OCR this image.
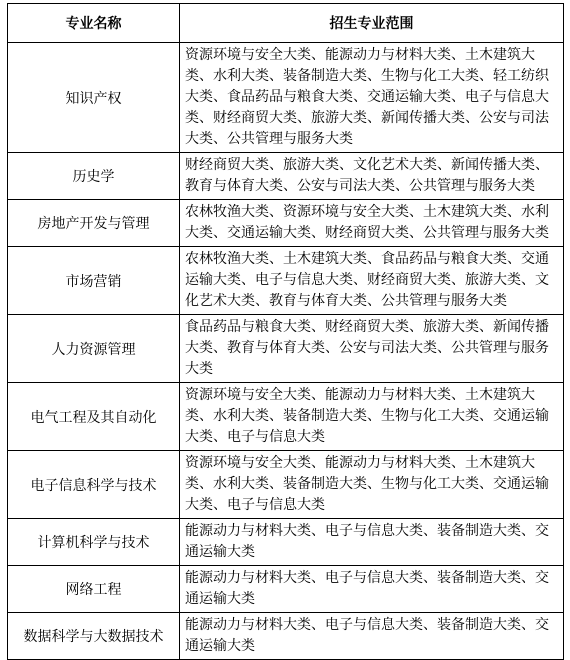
专业名称	招生专业范围
知识产权	资源环境与安全大类、能源动力与材料大类、土木建筑大类、水利大类、装备制造大类、生物与化工大类、轻工纺织大类、食品药品与粮食大类、交通运输大类、电子与信息大类、财经商贸大类、旅游大类、新闻传播大类、公安与司法大类、公共管理与服务大类
历史学	财经商贸大类、旅游大类、文化艺术大类、新闻传播大类、教育与体育大类、公安与司法大类、公共管理与服务大类
房地产开发与管理	农林牧渔大类、资源环境与安全大类、土木建筑大类、水利大类、交通运输大类、财经商贸大类、公共管理与服务大类
市场营销	农林牧渔大类、土木建筑大类、食品药品与粮食大类、交通运输大类、电子与信息大类、财经商贸大类、旅游大类、文化艺术大类、教育与体育大类、公共管理与服务大类
人力资源管理	食品药品与粮食大类、财经商贸大类、旅游大类、新闻传播大类、教育与体育大类、公安与司法大类、公共管理与服务大类
电气工程及其自动化	资源环境与安全大类、能源动力与材料大类、土木建筑大类、水利大类、装备制造大类、生物与化工大类、交通运输大类、电子与信息大类
电子信息科学与技术	资源环境与安全大类、能源动力与材料大类、土木建筑大类、水利大类、装备制造大类、生物与化工大类、交通运输大类、电子与信息大类
计算机科学与技术	能源动力与材料大类、电子与信息大类、装备制造大类、交通运输大类
网络工程	能源动力与材料大类、电子与信息大类、装备制造大类、交通运输大类
数据科学与大数据技术	能源动力与材料大类、电子与信息大类、装备制造大类、交通运输大类
